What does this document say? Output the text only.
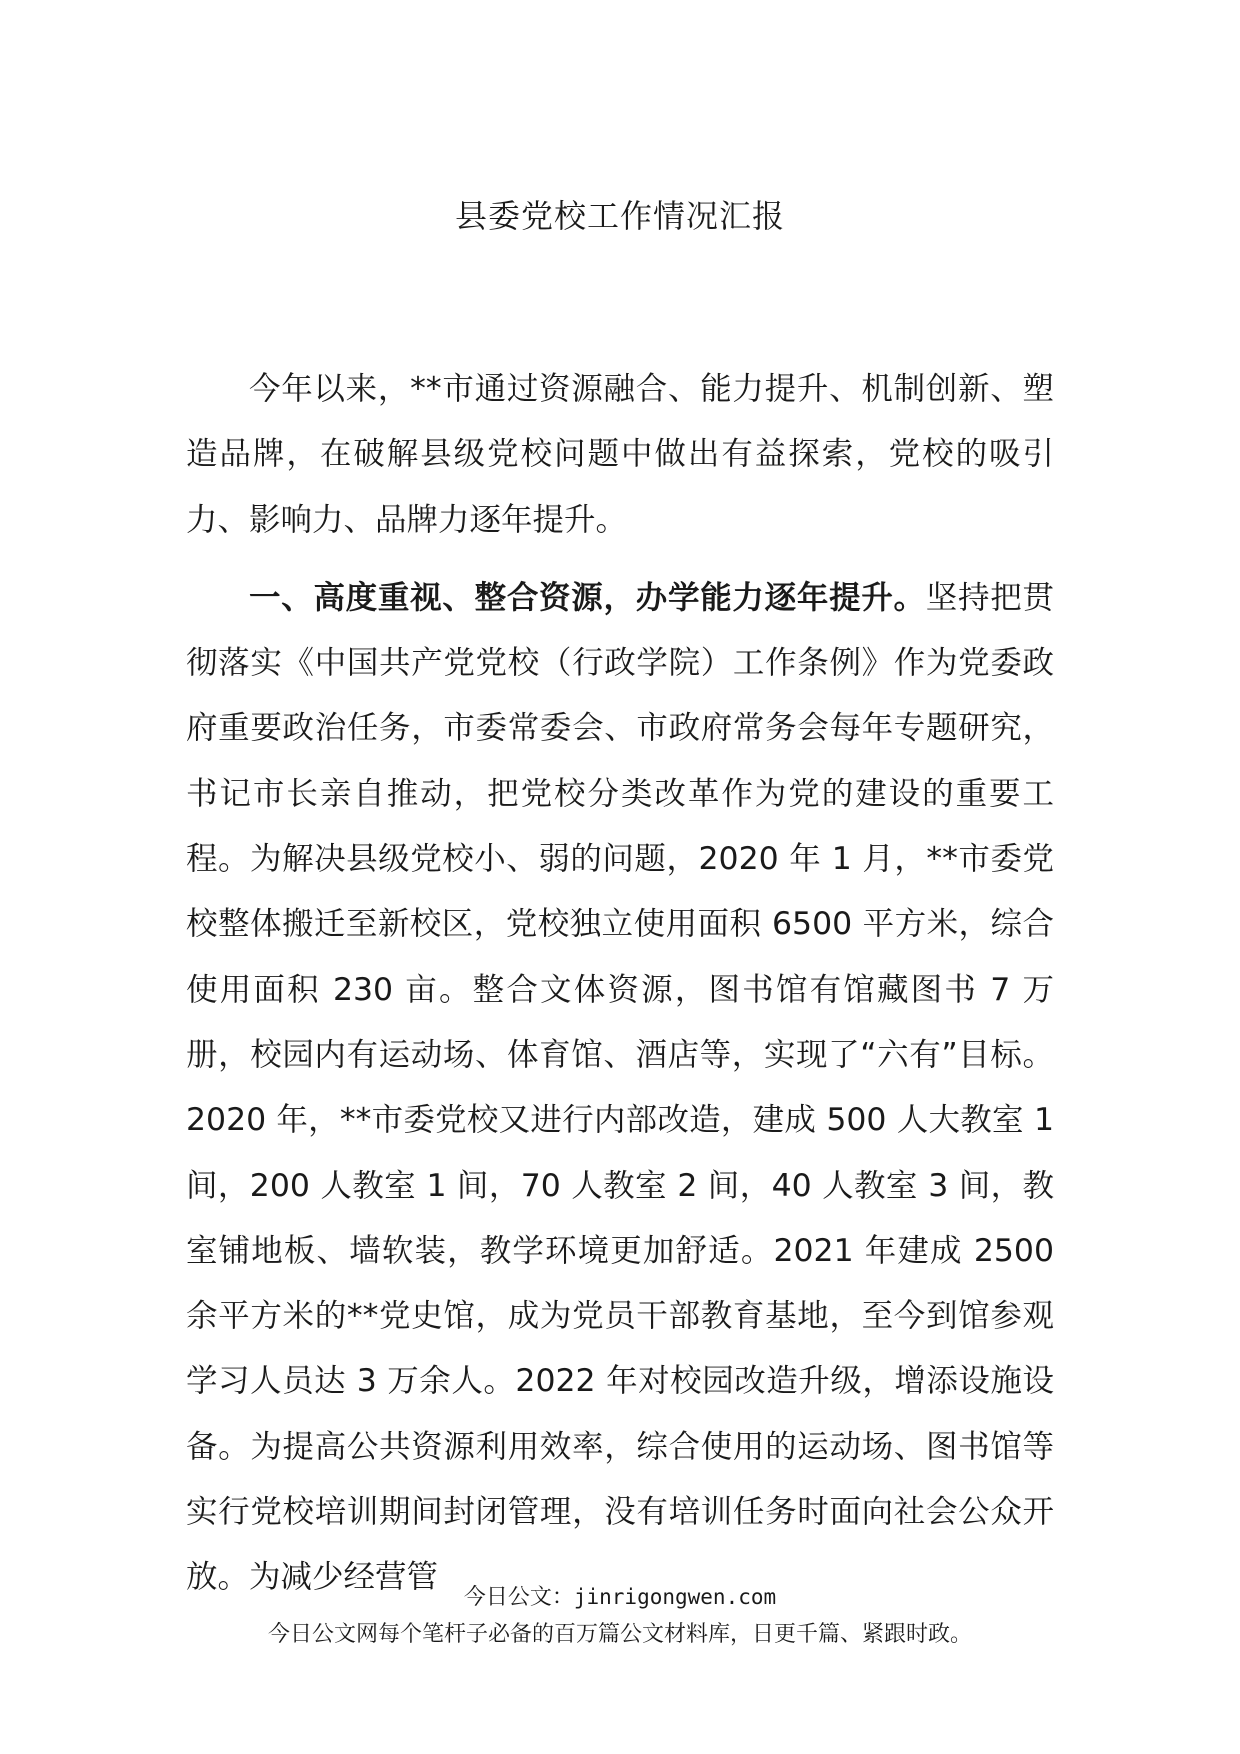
县委党校工作情况汇报

今年以来，**市通过资源融合、能力提升、机制创新、塑造品牌，在破解县级党校问题中做出有益探索，党校的吸引力、影响力、品牌力逐年提升。

一、高度重视、整合资源，办学能力逐年提升。坚持把贯彻落实《中国共产党党校（行政学院）工作条例》作为党委政府重要政治任务，市委常委会、市政府常务会每年专题研究，书记市长亲自推动，把党校分类改革作为党的建设的重要工程。为解决县级党校小、弱的问题，2020 年 1 月，**市委党校整体搬迁至新校区，党校独立使用面积 6500 平方米，综合使用面积 230 亩。整合文体资源，图书馆有馆藏图书 7 万册，校园内有运动场、体育馆、酒店等，实现了“六有”目标。2020 年，**市委党校又进行内部改造，建成 500 人大教室 1 间，200 人教室 1 间，70 人教室 2 间，40 人教室 3 间，教室铺地板、墙软装，教学环境更加舒适。2021 年建成 2500 余平方米的**党史馆，成为党员干部教育基地，至今到馆参观学习人员达 3 万余人。2022 年对校园改造升级，增添设施设备。为提高公共资源利用效率，综合使用的运动场、图书馆等实行党校培训期间封闭管理，没有培训任务时面向社会公众开放。为减少经营管

今日公文：jinrigongwen.com
今日公文网每个笔杆子必备的百万篇公文材料库，日更千篇、紧跟时政。
